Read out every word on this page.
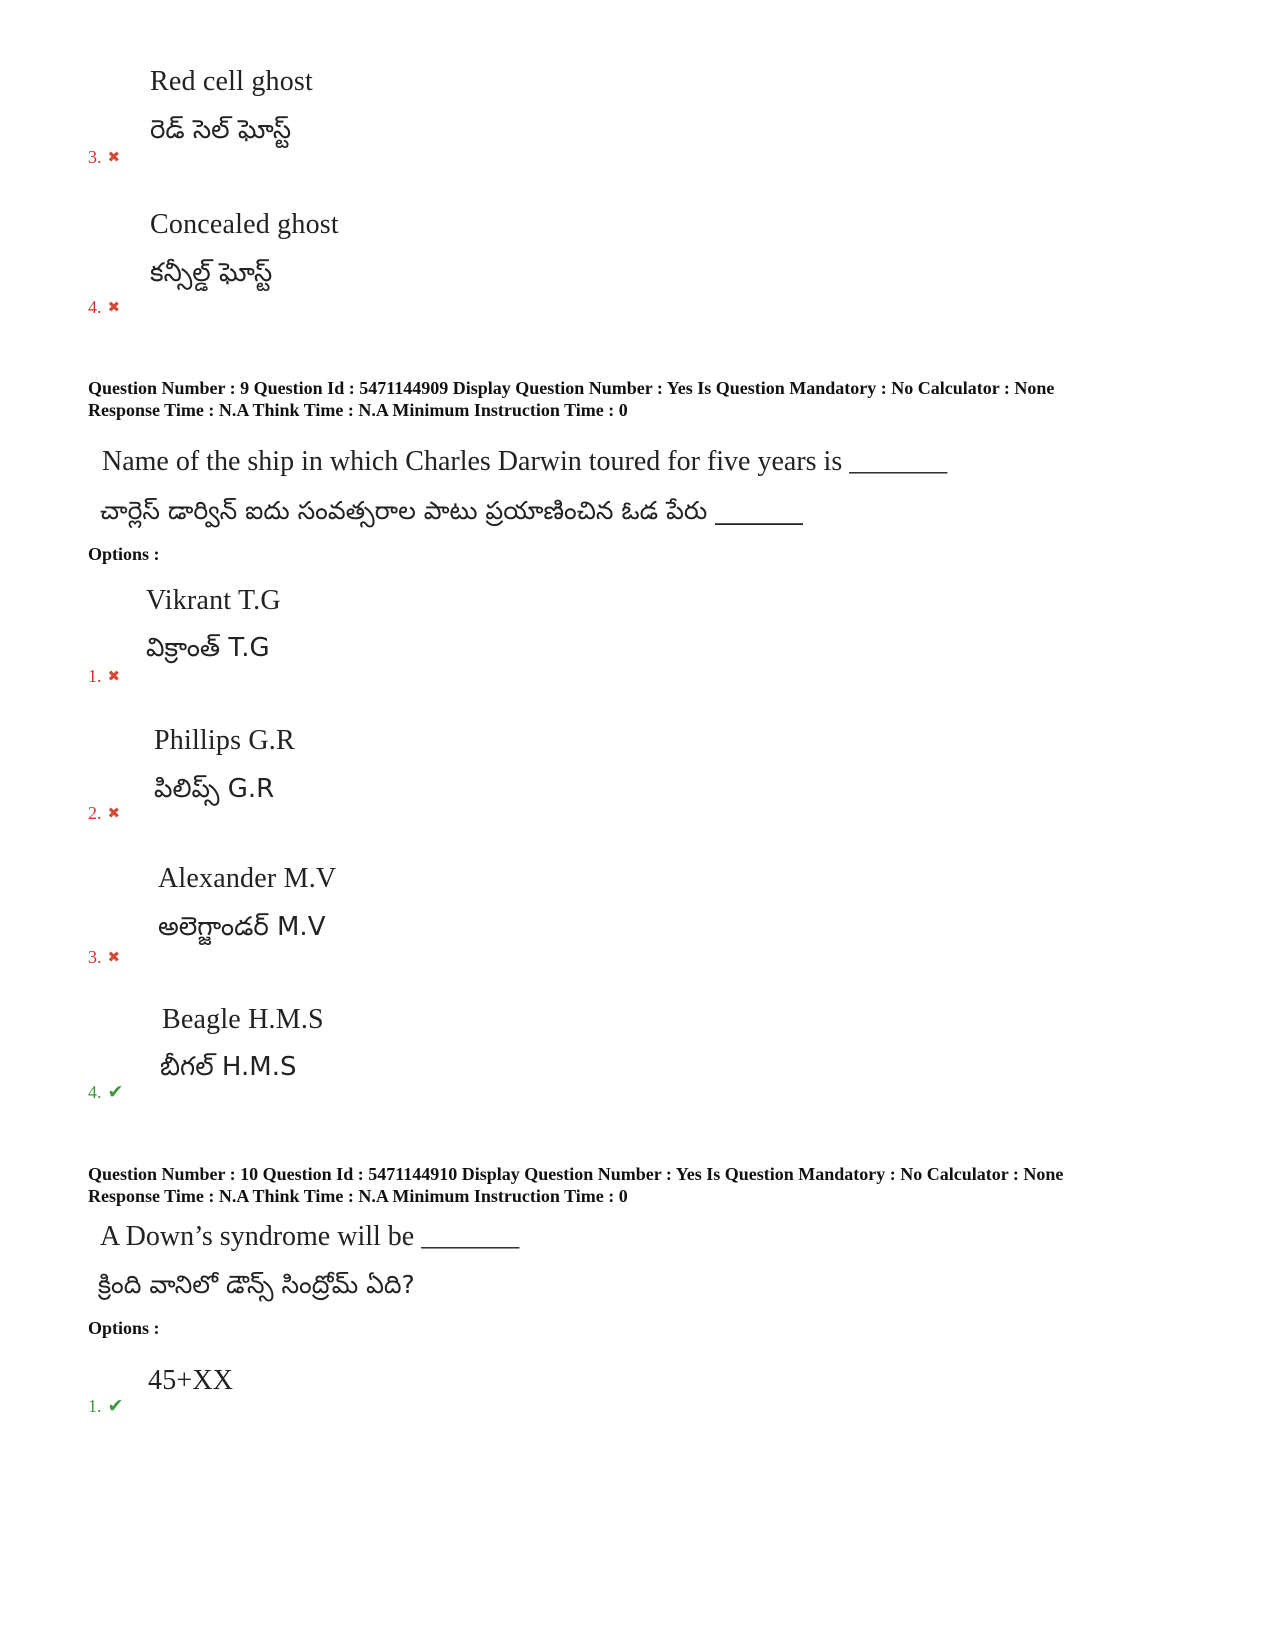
Red cell ghost
రెడ్ సెల్ ఘోస్ట్
3. ✖
Concealed ghost
కన్సీల్డ్ ఘోస్ట్
4. ✖
Question Number : 9 Question Id : 5471144909 Display Question Number : Yes Is Question Mandatory : No Calculator : None
Response Time : N.A Think Time : N.A Minimum Instruction Time : 0
Name of the ship in which Charles Darwin toured for five years is _______
చార్లెస్ డార్విన్ ఐదు సంవత్సరాల పాటు ప్రయాణించిన ఓడ పేరు _______
Options :
Vikrant T.G
విక్రాంత్ T.G
1. ✖
Phillips G.R
పిలిప్స్ G.R
2. ✖
Alexander M.V
అలెగ్జాండర్ M.V
3. ✖
Beagle H.M.S
బీగల్ H.M.S
4. ✔
Question Number : 10 Question Id : 5471144910 Display Question Number : Yes Is Question Mandatory : No Calculator : None
Response Time : N.A Think Time : N.A Minimum Instruction Time : 0
A Down’s syndrome will be _______
క్రింది వానిలో డౌన్స్ సింద్రోమ్ ఏది?
Options :
45+XX
1. ✔
